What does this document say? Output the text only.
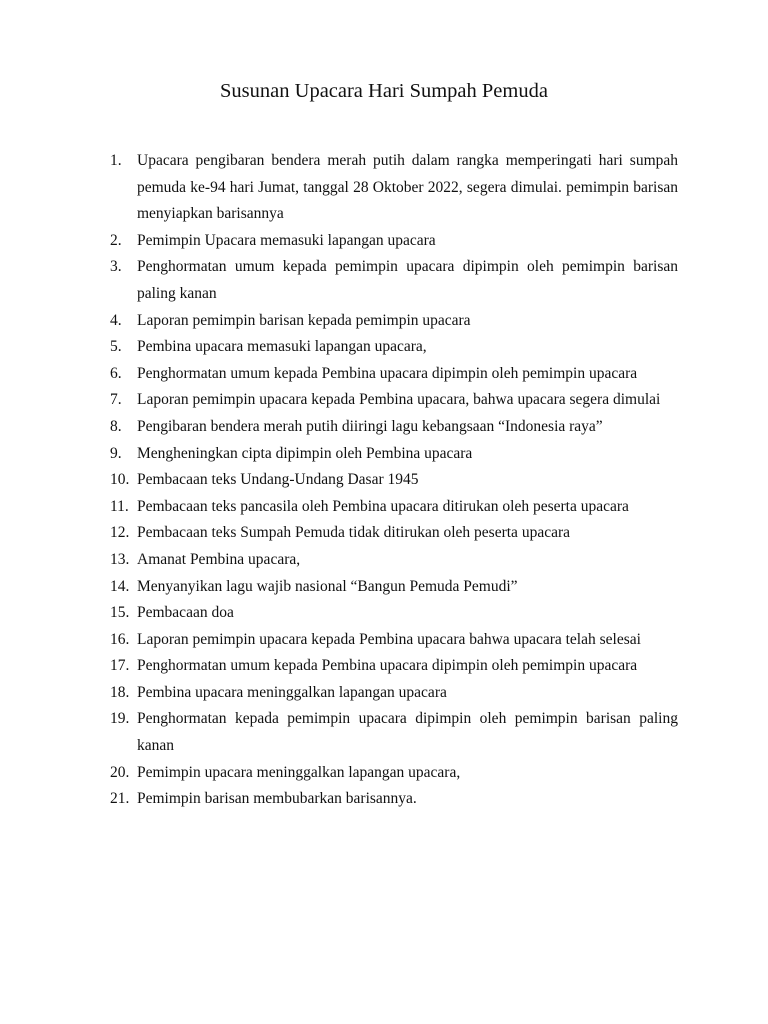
Susunan Upacara Hari Sumpah Pemuda
1. Upacara pengibaran bendera merah putih dalam rangka memperingati hari sumpah pemuda ke-94 hari Jumat, tanggal 28 Oktober 2022, segera dimulai. pemimpin barisan menyiapkan barisannya
2. Pemimpin Upacara memasuki lapangan upacara
3. Penghormatan umum kepada pemimpin upacara dipimpin oleh pemimpin barisan paling kanan
4. Laporan pemimpin barisan kepada pemimpin upacara
5. Pembina upacara memasuki lapangan upacara,
6. Penghormatan umum kepada Pembina upacara dipimpin oleh pemimpin upacara
7. Laporan pemimpin upacara kepada Pembina upacara, bahwa upacara segera dimulai
8. Pengibaran bendera merah putih diiringi lagu kebangsaan “Indonesia raya”
9. Mengheningkan cipta dipimpin oleh Pembina upacara
10. Pembacaan teks Undang-Undang Dasar 1945
11. Pembacaan teks pancasila oleh Pembina upacara ditirukan oleh peserta upacara
12. Pembacaan teks Sumpah Pemuda tidak ditirukan oleh peserta upacara
13. Amanat Pembina upacara,
14. Menyanyikan lagu wajib nasional “Bangun Pemuda Pemudi”
15. Pembacaan doa
16. Laporan pemimpin upacara kepada Pembina upacara bahwa upacara telah selesai
17. Penghormatan umum kepada Pembina upacara dipimpin oleh pemimpin upacara
18. Pembina upacara meninggalkan lapangan upacara
19. Penghormatan kepada pemimpin upacara dipimpin oleh pemimpin barisan paling kanan
20. Pemimpin upacara meninggalkan lapangan upacara,
21. Pemimpin barisan membubarkan barisannya.
